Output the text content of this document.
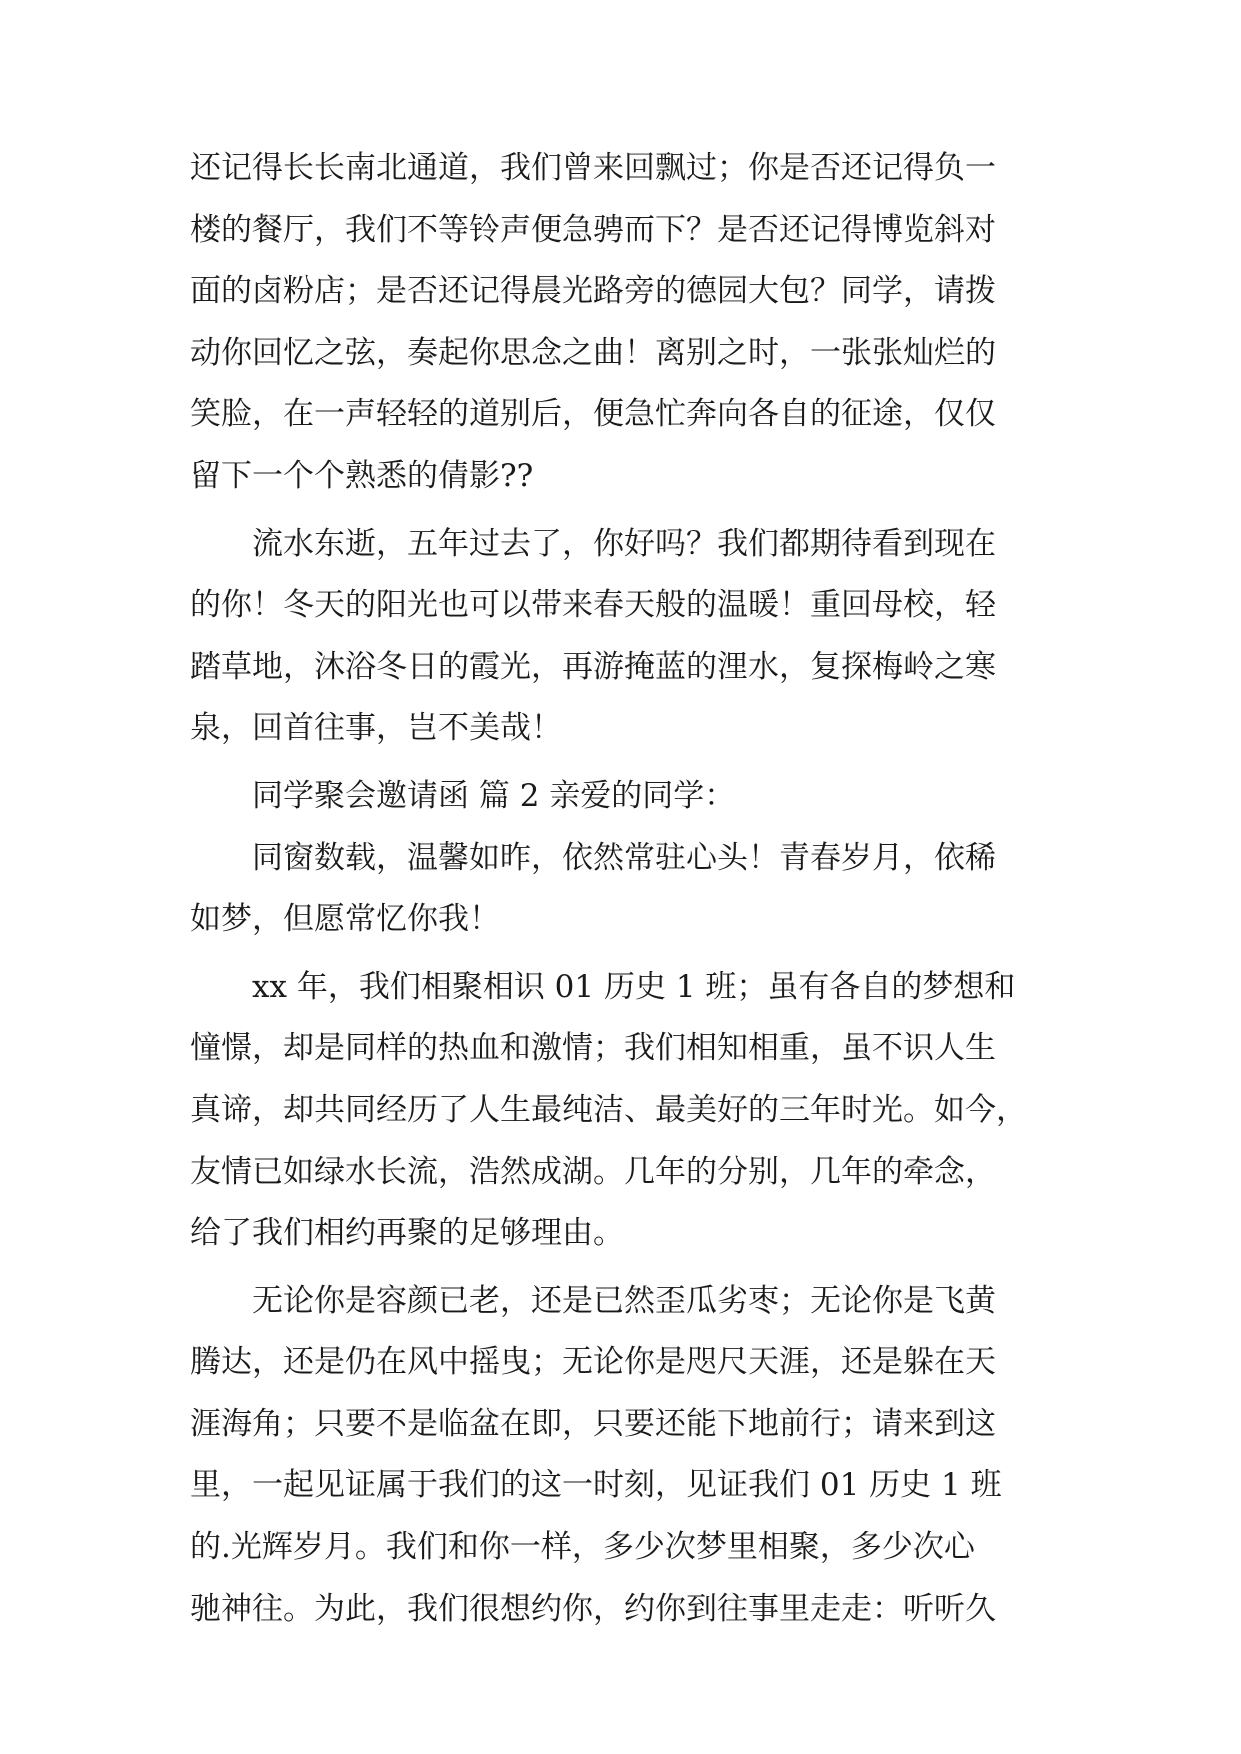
还记得长长南北通道，我们曾来回飘过；你是否还记得负一
楼的餐厅，我们不等铃声便急骋而下？是否还记得博览斜对
面的卤粉店；是否还记得晨光路旁的德园大包？同学，请拨
动你回忆之弦，奏起你思念之曲！离别之时，一张张灿烂的
笑脸，在一声轻轻的道别后，便急忙奔向各自的征途，仅仅
留下一个个熟悉的倩影??
流水东逝，五年过去了，你好吗？我们都期待看到现在
的你！冬天的阳光也可以带来春天般的温暖！重回母校，轻
踏草地，沐浴冬日的霞光，再游掩蓝的浬水，复探梅岭之寒
泉，回首往事，岂不美哉！
同学聚会邀请函 篇 2 亲爱的同学：
同窗数载，温馨如昨，依然常驻心头！青春岁月，依稀
如梦，但愿常忆你我！
xx 年，我们相聚相识 01 历史 1 班；虽有各自的梦想和
憧憬，却是同样的热血和激情；我们相知相重，虽不识人生
真谛，却共同经历了人生最纯洁、最美好的三年时光。如今，
友情已如绿水长流，浩然成湖。几年的分别，几年的牵念，
给了我们相约再聚的足够理由。
无论你是容颜已老，还是已然歪瓜劣枣；无论你是飞黄
腾达，还是仍在风中摇曳；无论你是咫尺天涯，还是躲在天
涯海角；只要不是临盆在即，只要还能下地前行；请来到这
里，一起见证属于我们的这一时刻，见证我们 01 历史 1 班
的.光辉岁月。我们和你一样，多少次梦里相聚，多少次心
驰神往。为此，我们很想约你，约你到往事里走走：听听久
